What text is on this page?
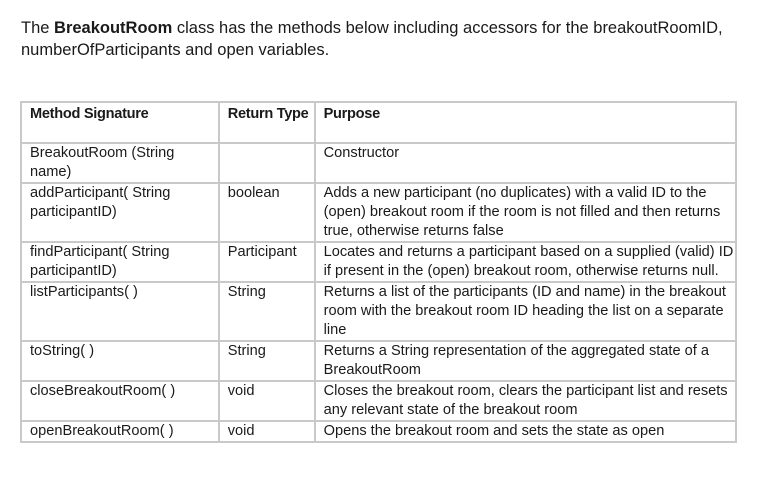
The BreakoutRoom class has the methods below including accessors for the breakoutRoomID, numberOfParticipants and open variables.
Method Signature	Return Type	Purpose
BreakoutRoom (String name)		Constructor
addParticipant( String participantID)	boolean	Adds a new participant (no duplicates) with a valid ID to the (open) breakout room if the room is not filled and then returns true, otherwise returns false
findParticipant( String participantID)	Participant	Locates and returns a participant based on a supplied (valid) ID if present in the (open) breakout room, otherwise returns null.
listParticipants( )	String	Returns a list of the participants (ID and name) in the breakout room with the breakout room ID heading the list on a separate line
toString( )	String	Returns a String representation of the aggregated state of a BreakoutRoom
closeBreakoutRoom( )	void	Closes the breakout room, clears the participant list and resets any relevant state of the breakout room
openBreakoutRoom( )	void	Opens the breakout room and sets the state as open
